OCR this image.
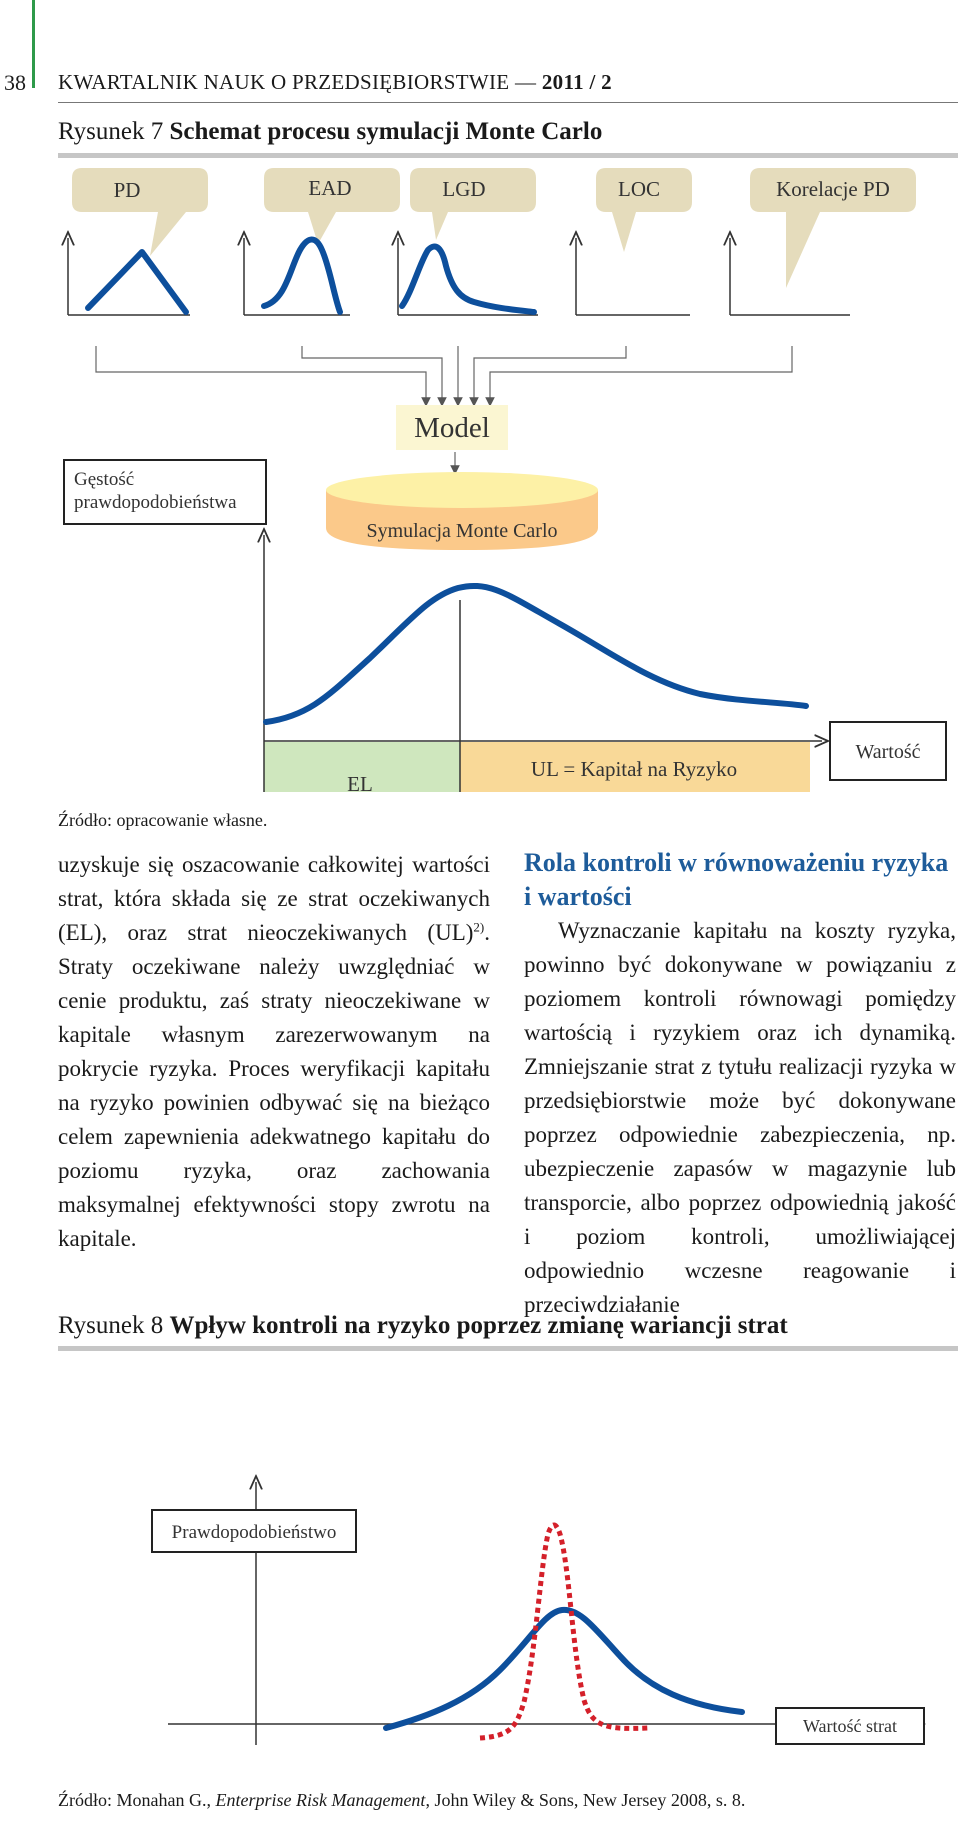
38 KWARTALNIK NAUK O PRZEDSIĘBIORSTWIE — 2011 / 2
Rysunek 7 Schemat procesu symulacji Monte Carlo
PD	EAD	LGD	LOC	Korelacje PD
Model
Gęstość
prawdopodobieństwa
Symulacja Monte Carlo
EL
UL = Kapitał na Ryzyko
Wartość
Źródło: opracowanie własne.
uzyskuje się oszacowanie całkowitej wartości strat, która składa się ze strat oczekiwanych (EL), oraz strat nieoczekiwanych (UL)$^{2)}$. Straty oczekiwane należy uwzględniać w cenie produktu, zaś straty nieoczekiwane w kapitale własnym zarezerwowanym na pokrycie ryzyka. Proces weryfikacji kapitału na ryzyko powinien odbywać się na bieżąco celem zapewnienia adekwatnego kapitału do poziomu ryzyka, oraz zachowania maksymalnej efektywności stopy zwrotu na kapitale.
Rola kontroli w równoważeniu ryzyka i wartości
Wyznaczanie kapitału na koszty ryzyka, powinno być dokonywane w powiązaniu z poziomem kontroli równowagi pomiędzy wartością i ryzykiem oraz ich dynamiką. Zmniejszanie strat z tytułu realizacji ryzyka w przedsiębiorstwie może być dokonywane poprzez odpowiednie zabezpieczenia, np. ubezpieczenie zapasów w magazynie lub transporcie, albo poprzez odpowiednią jakość i poziom kontroli, umożliwiającej odpowiednio wczesne reagowanie i przeciwdziałanie
Rysunek 8 Wpływ kontroli na ryzyko poprzez zmianę wariancji strat
Prawdopodobieństwo
Wartość strat
Źródło: Monahan G., Enterprise Risk Management, John Wiley & Sons, New Jersey 2008, s. 8.
